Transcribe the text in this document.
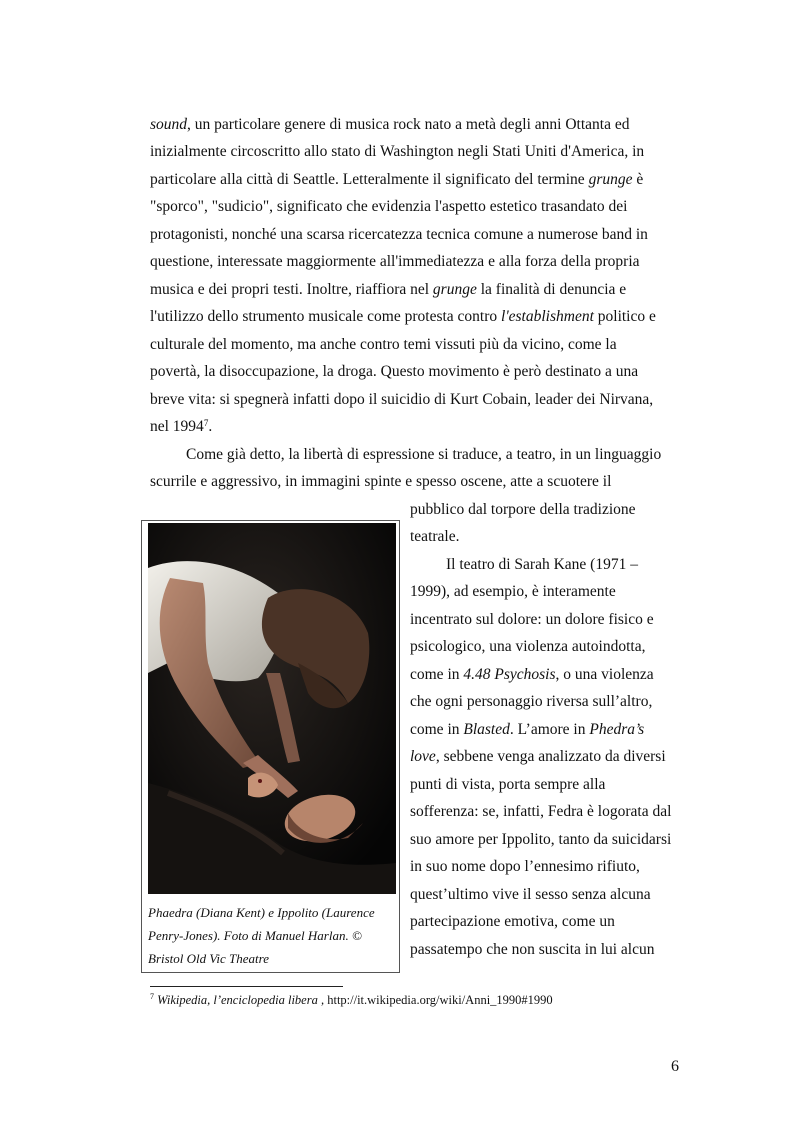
sound, un particolare genere di musica rock nato a metà degli anni Ottanta ed
inizialmente circoscritto allo stato di Washington negli Stati Uniti d'America, in
particolare alla città di Seattle. Letteralmente il significato del termine grunge è
"sporco", "sudicio", significato che evidenzia l'aspetto estetico trasandato dei
protagonisti, nonché una scarsa ricercatezza tecnica comune a numerose band in
questione, interessate maggiormente all'immediatezza e alla forza della propria
musica e dei propri testi. Inoltre, riaffiora nel grunge la finalità di denuncia e
l'utilizzo dello strumento musicale come protesta contro l'establishment politico e
culturale del momento, ma anche contro temi vissuti più da vicino, come la
povertà, la disoccupazione, la droga. Questo movimento è però destinato a una
breve vita: si spegnerà infatti dopo il suicidio di Kurt Cobain, leader dei Nirvana,
nel 1994$^7$.
Come già detto, la libertà di espressione si traduce, a teatro, in un linguaggio
scurrile e aggressivo, in immagini spinte e spesso oscene, atte a scuotere il
pubblico dal torpore della tradizione
teatrale.
Il teatro di Sarah Kane (1971 –
1999), ad esempio, è interamente
incentrato sul dolore: un dolore fisico e
psicologico, una violenza autoindotta,
come in 4.48 Psychosis, o una violenza
che ogni personaggio riversa sull’altro,
come in Blasted. L’amore in Phedra’s
love, sebbene venga analizzato da diversi
punti di vista, porta sempre alla
sofferenza: se, infatti, Fedra è logorata dal
suo amore per Ippolito, tanto da suicidarsi
in suo nome dopo l’ennesimo rifiuto,
quest’ultimo vive il sesso senza alcuna
partecipazione emotiva, come un
passatempo che non suscita in lui alcun
Phaedra (Diana Kent) e Ippolito (Laurence
Penry-Jones). Foto di Manuel Harlan. ©
Bristol Old Vic Theatre
$^7$ Wikipedia, l’enciclopedia libera , http://it.wikipedia.org/wiki/Anni_1990#1990
6
